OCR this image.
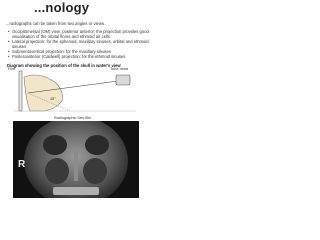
...nology
...radiographs can be taken from two angles or views.
• Occipitomental (OM) view: posterior anterior; the projection provides good
visualisation of the orbital floors and ethmoid air cells
• Lateral projection: for the sphenoid, maxillary sinuses, orbital and ethmoid
sinuses
• Submentovertical projection: for the maxillary sinuses
• Posteroanterior (Caldwell) projection: for the ethmoid sinuses
Diagram showing the position of the skull in water's view
Film	Tube head
45°
Radiographic See film
R
